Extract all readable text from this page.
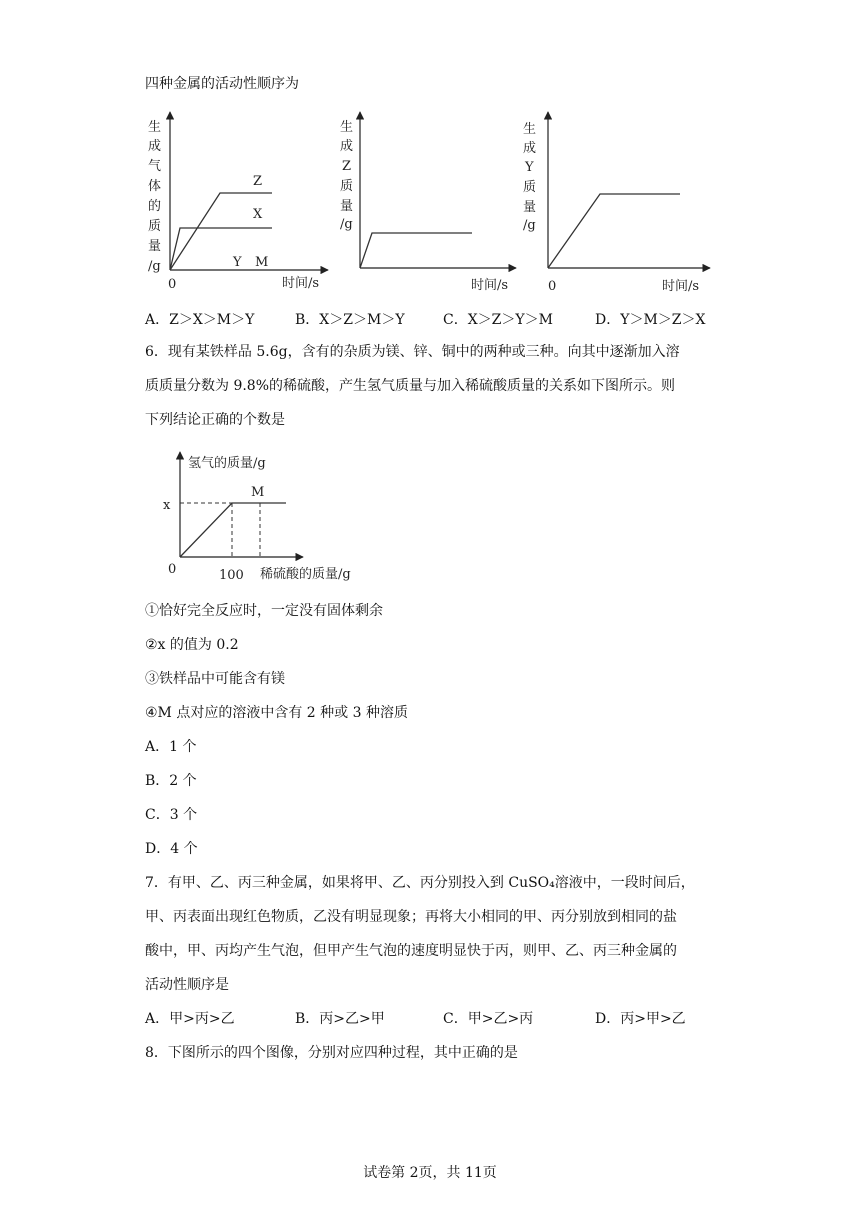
四种金属的活动性顺序为
生
成
气
体
的
质
量
/g
0	时间/s
Z
X
Y M
生
成
Z
质
量
/g
时间/s
生
成
Y
质
量
/g
0	时间/s
氢气的质量/g
x
0	100 稀硫酸的质量/g
M
A．Z＞X＞M＞Y	B．X＞Z＞M＞Y	C．X＞Z＞Y＞M	D．Y＞M＞Z＞X
6．现有某铁样品 5.6g，含有的杂质为镁、锌、铜中的两种或三种。向其中逐渐加入溶
质质量分数为 9.8%的稀硫酸，产生氢气质量与加入稀硫酸质量的关系如下图所示。则
下列结论正确的个数是
①恰好完全反应时，一定没有固体剩余
②x 的值为 0.2
③铁样品中可能含有镁
④M 点对应的溶液中含有 2 种或 3 种溶质
A．1 个
B．2 个
C．3 个
D．4 个
7．有甲、乙、丙三种金属，如果将甲、乙、丙分别投入到 CuSO₄溶液中，一段时间后，
甲、丙表面出现红色物质，乙没有明显现象；再将大小相同的甲、丙分别放到相同的盐
酸中，甲、丙均产生气泡，但甲产生气泡的速度明显快于丙，则甲、乙、丙三种金属的
活动性顺序是
A．甲>丙>乙	B．丙>乙>甲	C．甲>乙>丙	D．丙>甲>乙
8．下图所示的四个图像，分别对应四种过程，其中正确的是
试卷第 2页，共 11页
